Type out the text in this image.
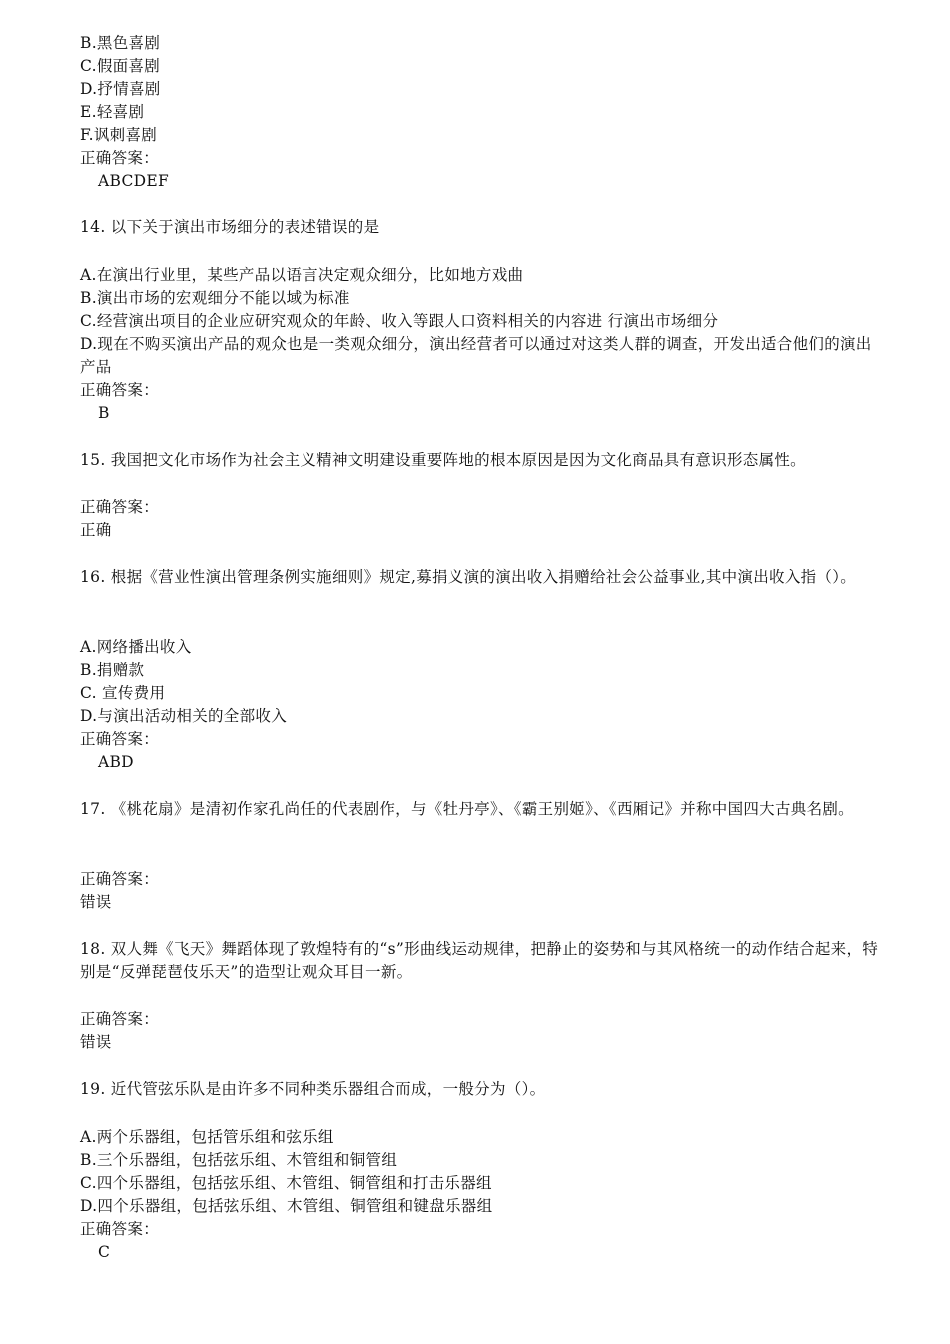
B.黑色喜剧
C.假面喜剧
D.抒情喜剧
E.轻喜剧
F.讽刺喜剧
正确答案：
ABCDEF
14. 以下关于演出市场细分的表述错误的是
A.在演出行业里，某些产品以语言决定观众细分，比如地方戏曲
B.演出市场的宏观细分不能以域为标准
C.经营演出项目的企业应研究观众的年龄、收入等跟人口资料相关的内容进 行演出市场细分
D.现在不购买演出产品的观众也是一类观众细分，演出经营者可以通过对这类人群的调查，开发出适合他们的演出产品
正确答案：
B
15. 我国把文化市场作为社会主义精神文明建设重要阵地的根本原因是因为文化商品具有意识形态属性。
正确答案：
正确
16. 根据《营业性演出管理条例实施细则》规定,募捐义演的演出收入捐赠给社会公益事业,其中演出收入指（）。
A.网络播出收入
B.捐赠款
C. 宣传费用
D.与演出活动相关的全部收入
正确答案：
ABD
17. 《桃花扇》是清初作家孔尚任的代表剧作，与《牡丹亭》、《霸王别姬》、《西厢记》并称中国四大古典名剧。
正确答案：
错误
18. 双人舞《飞天》舞蹈体现了敦煌特有的“s”形曲线运动规律，把静止的姿势和与其风格统一的动作结合起来，特别是“反弹琵琶伎乐天”的造型让观众耳目一新。
正确答案：
错误
19. 近代管弦乐队是由许多不同种类乐器组合而成，一般分为（）。
A.两个乐器组，包括管乐组和弦乐组
B.三个乐器组，包括弦乐组、木管组和铜管组
C.四个乐器组，包括弦乐组、木管组、铜管组和打击乐器组
D.四个乐器组，包括弦乐组、木管组、铜管组和键盘乐器组
正确答案：
C
